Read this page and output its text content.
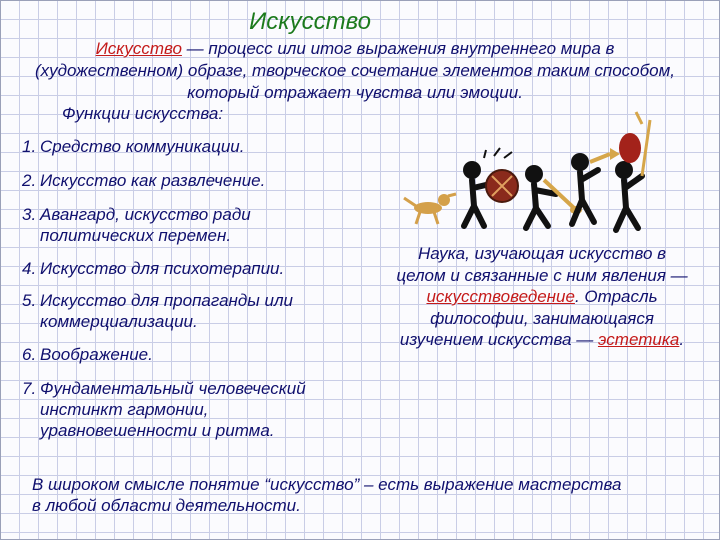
Искусство
Искусство — процесс или итог выражения внутреннего мира в (художественном) образе, творческое сочетание элементов таким способом, который отражает чувства или эмоции.
Функции искусства:
1. Средство коммуникации.
2. Искусство как развлечение.
3. Авангард, искусство ради политических перемен.
4. Искусство для психотерапии.
5. Искусство для пропаганды или коммерциализации.
6. Воображение.
7. Фундаментальный человеческий инстинкт гармонии, уравновешенности и ритма.
Наука, изучающая искусство в целом и связанные с ним явления — искусствоведение. Отрасль философии, занимающаяся изучением искусства — эстетика.
В широком смысле понятие “искусство” – есть выражение мастерства в любой области деятельности.
